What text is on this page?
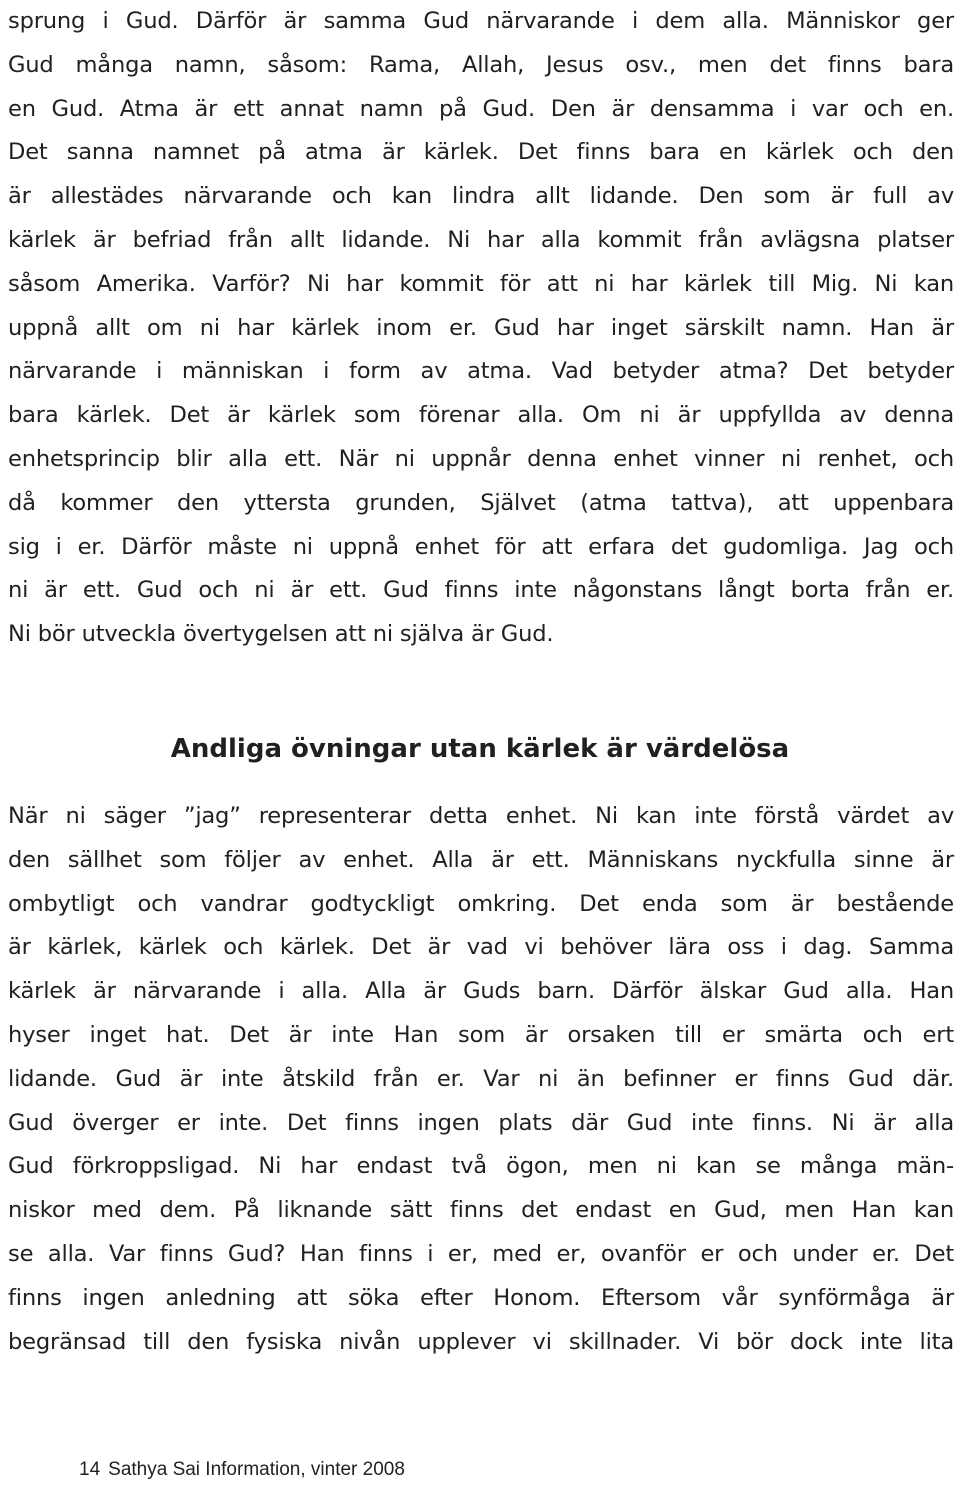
sprung i Gud. Därför är samma Gud närvarande i dem alla. Människor ger
Gud många namn, såsom: Rama, Allah, Jesus osv., men det finns bara
en Gud. Atma är ett annat namn på Gud. Den är densamma i var och en.
Det sanna namnet på atma är kärlek. Det finns bara en kärlek och den
är allestädes närvarande och kan lindra allt lidande. Den som är full av
kärlek är befriad från allt lidande. Ni har alla kommit från avlägsna platser
såsom Amerika. Varför? Ni har kommit för att ni har kärlek till Mig. Ni kan
uppnå allt om ni har kärlek inom er. Gud har inget särskilt namn. Han är
närvarande i människan i form av atma. Vad betyder atma? Det betyder
bara kärlek. Det är kärlek som förenar alla. Om ni är uppfyllda av denna
enhetsprincip blir alla ett. När ni uppnår denna enhet vinner ni renhet, och
då kommer den yttersta grunden, Självet (atma tattva), att uppenbara
sig i er. Därför måste ni uppnå enhet för att erfara det gudomliga. Jag och
ni är ett. Gud och ni är ett. Gud finns inte någonstans långt borta från er.
Ni bör utveckla övertygelsen att ni själva är Gud.
Andliga övningar utan kärlek är värdelösa
När ni säger ”jag” representerar detta enhet. Ni kan inte förstå värdet av
den sällhet som följer av enhet. Alla är ett. Människans nyckfulla sinne är
ombytligt och vandrar godtyckligt omkring. Det enda som är bestående
är kärlek, kärlek och kärlek. Det är vad vi behöver lära oss i dag. Samma
kärlek är närvarande i alla. Alla är Guds barn. Därför älskar Gud alla. Han
hyser inget hat. Det är inte Han som är orsaken till er smärta och ert
lidande. Gud är inte åtskild från er. Var ni än befinner er finns Gud där.
Gud överger er inte. Det finns ingen plats där Gud inte finns. Ni är alla
Gud förkroppsligad. Ni har endast två ögon, men ni kan se många män-
niskor med dem. På liknande sätt finns det endast en Gud, men Han kan
se alla. Var finns Gud? Han finns i er, med er, ovanför er och under er. Det
finns ingen anledning att söka efter Honom. Eftersom vår synförmåga är
begränsad till den fysiska nivån upplever vi skillnader. Vi bör dock inte lita
14 Sathya Sai Information, vinter 2008
